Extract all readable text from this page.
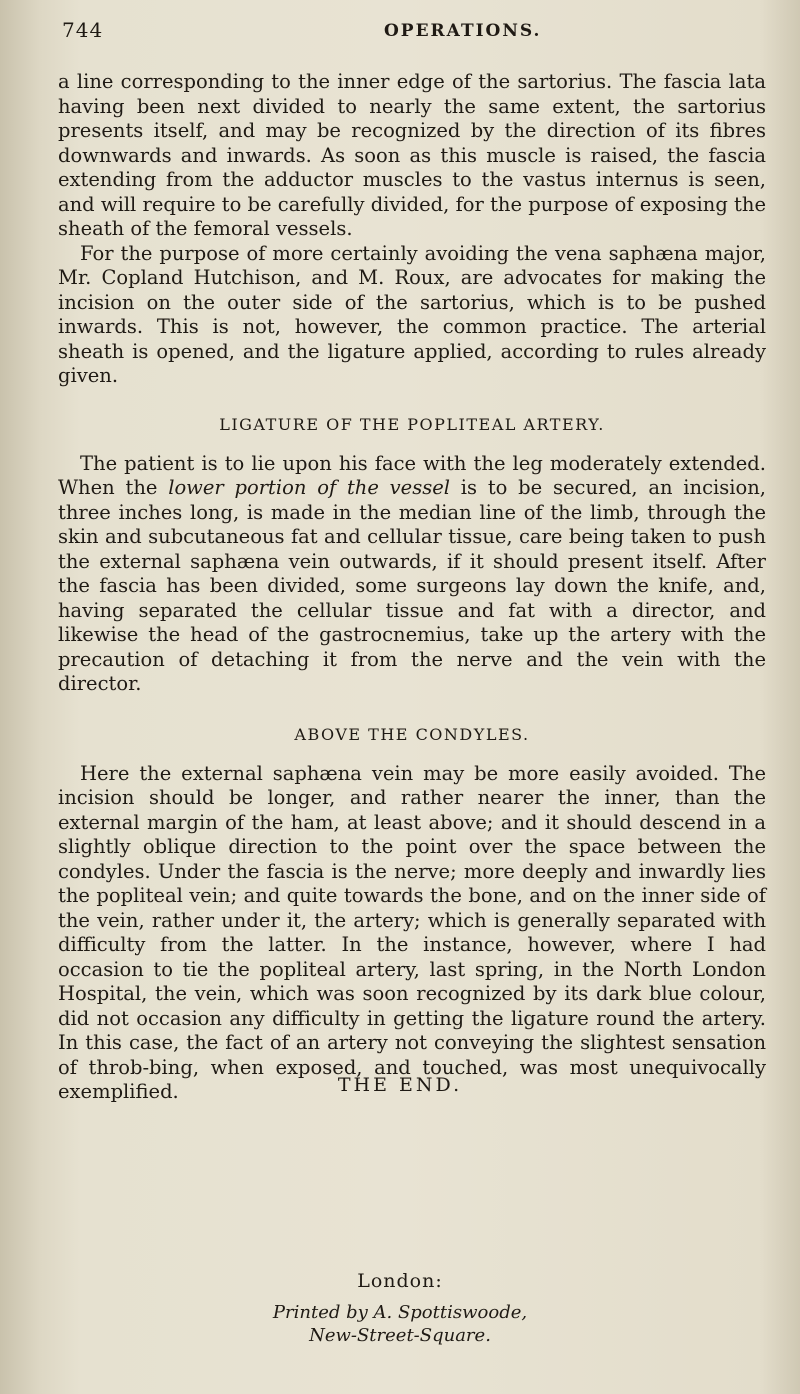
744	OPERATIONS.

a line corresponding to the inner edge of the sartorius. The fascia lata having been next divided to nearly the same extent, the sartorius presents itself, and may be recognized by the direction of its fibres downwards and inwards. As soon as this muscle is raised, the fascia extending from the adductor muscles to the vastus internus is seen, and will require to be carefully divided, for the purpose of exposing the sheath of the femoral vessels.

For the purpose of more certainly avoiding the vena saphæna major, Mr. Copland Hutchison, and M. Roux, are advocates for making the incision on the outer side of the sartorius, which is to be pushed inwards. This is not, however, the common practice. The arterial sheath is opened, and the ligature applied, according to rules already given.

LIGATURE OF THE POPLITEAL ARTERY.

The patient is to lie upon his face with the leg moderately extended. When the lower portion of the vessel is to be secured, an incision, three inches long, is made in the median line of the limb, through the skin and subcutaneous fat and cellular tissue, care being taken to push the external saphæna vein outwards, if it should present itself. After the fascia has been divided, some surgeons lay down the knife, and, having separated the cellular tissue and fat with a director, and likewise the head of the gastrocnemius, take up the artery with the precaution of detaching it from the nerve and the vein with the director.

ABOVE THE CONDYLES.

Here the external saphæna vein may be more easily avoided. The incision should be longer, and rather nearer the inner, than the external margin of the ham, at least above; and it should descend in a slightly oblique direction to the point over the space between the condyles. Under the fascia is the nerve; more deeply and inwardly lies the popliteal vein; and quite towards the bone, and on the inner side of the vein, rather under it, the artery; which is generally separated with difficulty from the latter. In the instance, however, where I had occasion to tie the popliteal artery, last spring, in the North London Hospital, the vein, which was soon recognized by its dark blue colour, did not occasion any difficulty in getting the ligature round the artery. In this case, the fact of an artery not conveying the slightest sensation of throb-bing, when exposed, and touched, was most unequivocally exemplified.	THE END.

London:

Printed by A. Spottiswoode,

New-Street-Square.
